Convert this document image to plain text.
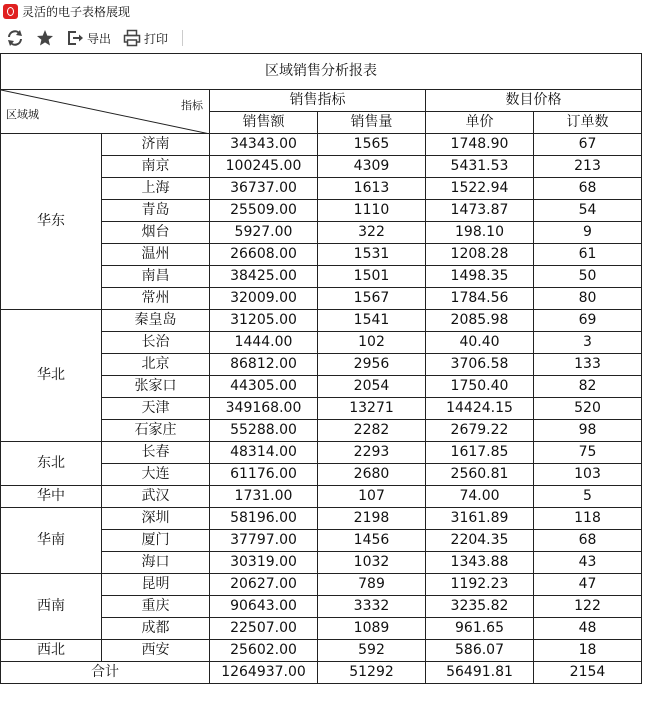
灵活的电子表格展现
导出	打印
区域销售分析报表					

指标
区域城		销售指标		数目价格	
		销售额	销售量	单价	订单数
华东	济南	34343.00	1565	1748.90	67
	南京	100245.00	4309	5431.53	213
	上海	36737.00	1613	1522.94	68
	青岛	25509.00	1110	1473.87	54
	烟台	5927.00	322	198.10	9
	温州	26608.00	1531	1208.28	61
	南昌	38425.00	1501	1498.35	50
	常州	32009.00	1567	1784.56	80
华北	秦皇岛	31205.00	1541	2085.98	69
	长治	1444.00	102	40.40	3
	北京	86812.00	2956	3706.58	133
	张家口	44305.00	2054	1750.40	82
	天津	349168.00	13271	14424.15	520
	石家庄	55288.00	2282	2679.22	98
东北	长春	48314.00	2293	1617.85	75
	大连	61176.00	2680	2560.81	103
华中	武汉	1731.00	107	74.00	5
华南	深圳	58196.00	2198	3161.89	118
	厦门	37797.00	1456	2204.35	68
	海口	30319.00	1032	1343.88	43
西南	昆明	20627.00	789	1192.23	47
	重庆	90643.00	3332	3235.82	122
	成都	22507.00	1089	961.65	48
西北	西安	25602.00	592	586.07	18
合计		1264937.00	51292	56491.81	2154
